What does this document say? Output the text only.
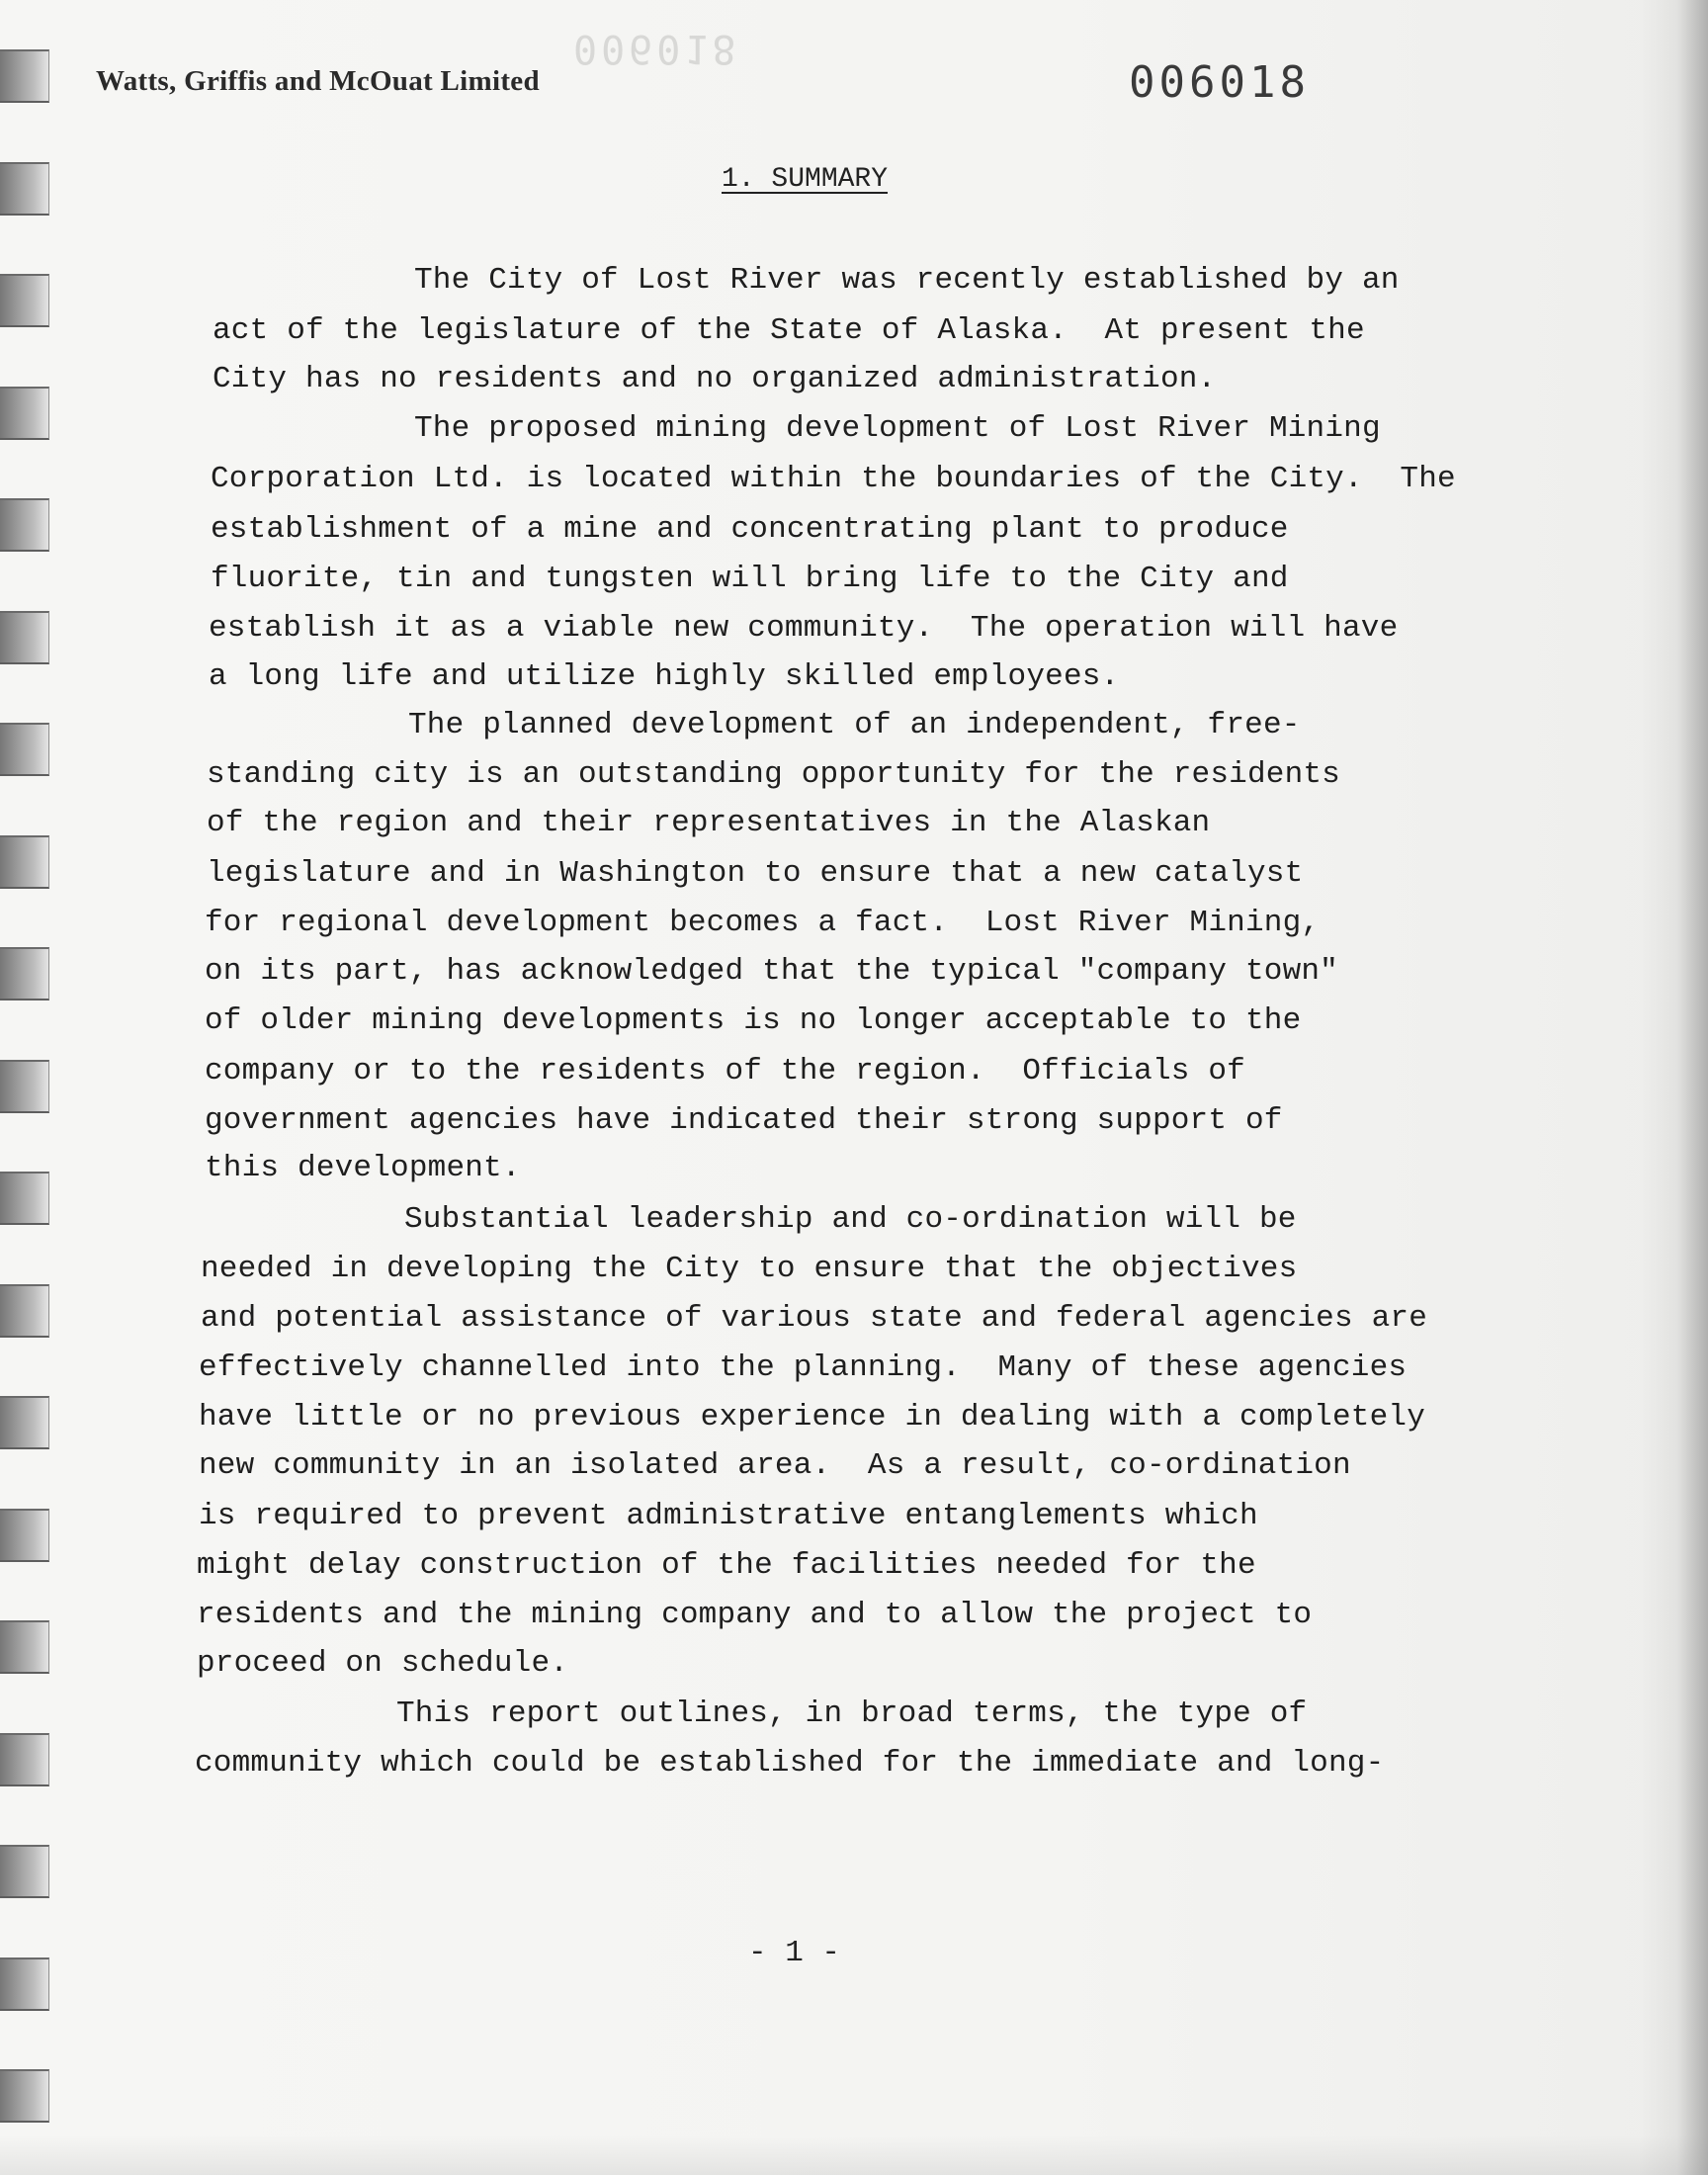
006018
Watts, Griffis and McOuat Limited	006018
1. SUMMARY
The City of Lost River was recently established by an
act of the legislature of the State of Alaska.  At present the
City has no residents and no organized administration.
The proposed mining development of Lost River Mining
Corporation Ltd. is located within the boundaries of the City.  The
establishment of a mine and concentrating plant to produce
fluorite, tin and tungsten will bring life to the City and
establish it as a viable new community.  The operation will have
a long life and utilize highly skilled employees.
The planned development of an independent, free-
standing city is an outstanding opportunity for the residents
of the region and their representatives in the Alaskan
legislature and in Washington to ensure that a new catalyst
for regional development becomes a fact.  Lost River Mining,
on its part, has acknowledged that the typical "company town"
of older mining developments is no longer acceptable to the
company or to the residents of the region.  Officials of
government agencies have indicated their strong support of
this development.
Substantial leadership and co-ordination will be
needed in developing the City to ensure that the objectives
and potential assistance of various state and federal agencies are
effectively channelled into the planning.  Many of these agencies
have little or no previous experience in dealing with a completely
new community in an isolated area.  As a result, co-ordination
is required to prevent administrative entanglements which
might delay construction of the facilities needed for the
residents and the mining company and to allow the project to
proceed on schedule.
This report outlines, in broad terms, the type of
community which could be established for the immediate and long-
- 1 -
